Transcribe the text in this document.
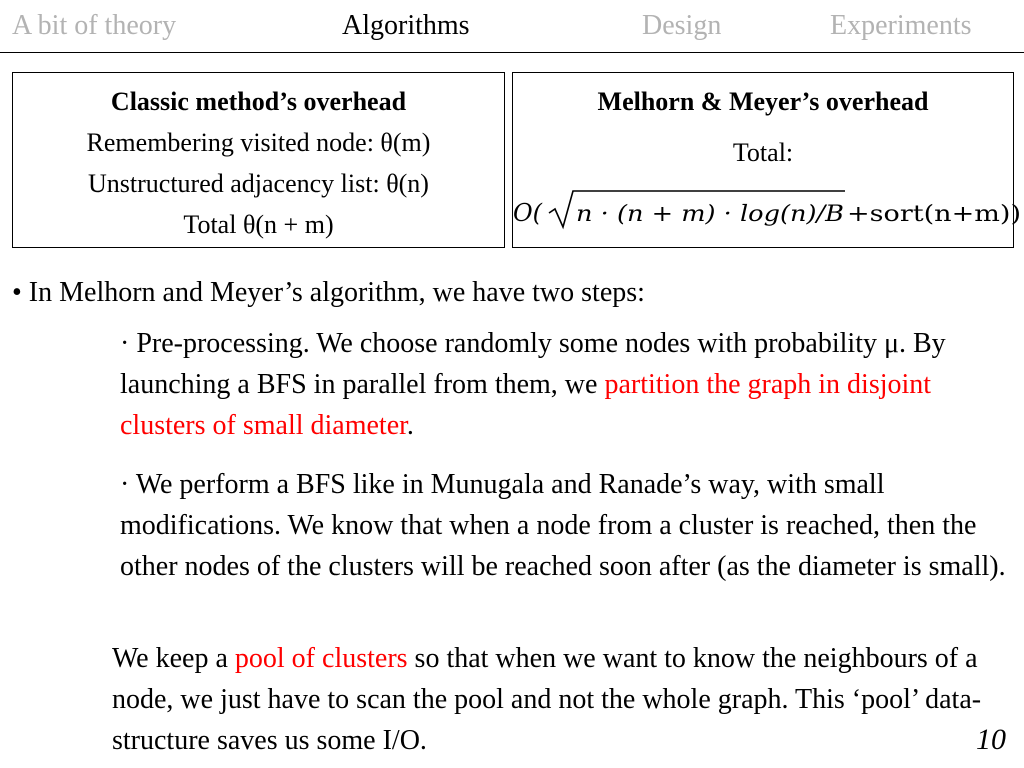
A bit of theory	Algorithms	Design	Experiments
Classic method’s overhead
Remembering visited node: θ(m)
Unstructured adjacency list: θ(n)
Total θ(n + m)
Melhorn & Meyer’s overhead
Total:
O( n · (n + m) · log(n)/B +sort(n+m))
• In Melhorn and Meyer’s algorithm, we have two steps:
· Pre-processing. We choose randomly some nodes with probability μ. By launching a BFS in parallel from them, we partition the graph in disjoint clusters of small diameter.
· We perform a BFS like in Munugala and Ranade’s way, with small modifications. We know that when a node from a cluster is reached, then the other nodes of the clusters will be reached soon after (as the diameter is small).
We keep a pool of clusters so that when we want to know the neighbours of a node, we just have to scan the pool and not the whole graph. This ‘pool’ data-structure saves us some I/O.	10
